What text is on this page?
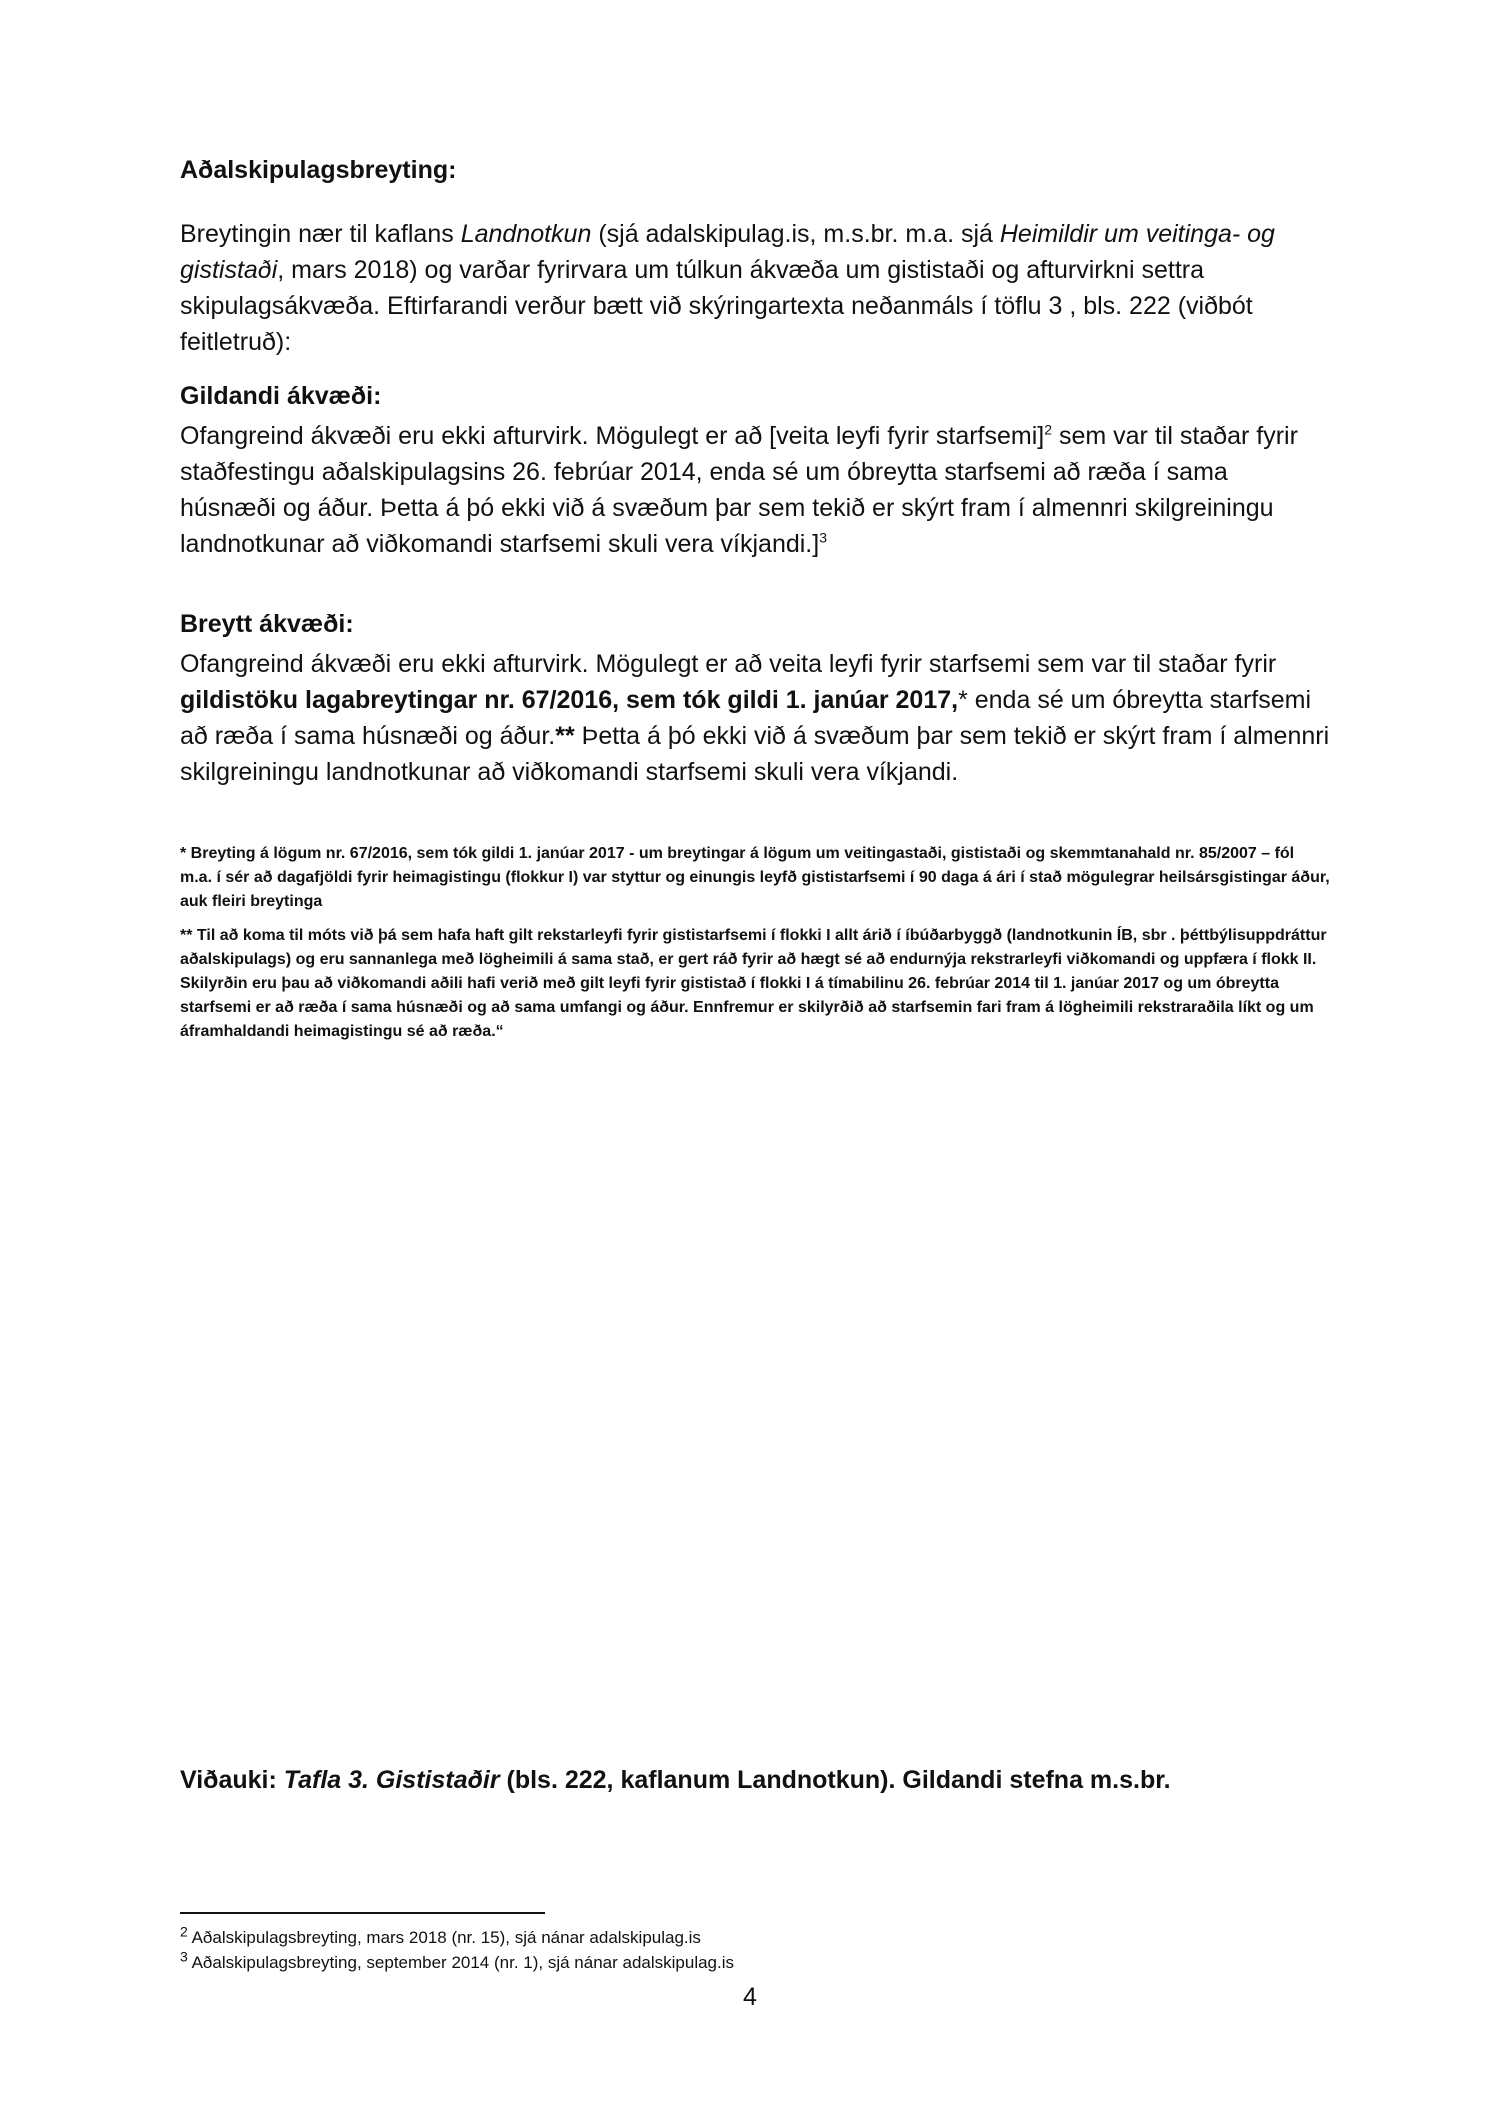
Aðalskipulagsbreyting:

Breytingin nær til kaflans Landnotkun (sjá adalskipulag.is, m.s.br. m.a. sjá Heimildir um veitinga- og gististaði, mars 2018) og varðar fyrirvara um túlkun ákvæða um gististaði og afturvirkni settra skipulagsákvæða. Eftirfarandi verður bætt við skýringartexta neðanmáls í töflu 3 , bls. 222 (viðbót feitletruð):

Gildandi ákvæði:

Ofangreind ákvæði eru ekki afturvirk. Mögulegt er að [veita leyfi fyrir starfsemi]$^2$ sem var til staðar fyrir staðfestingu aðalskipulagsins 26. febrúar 2014, enda sé um óbreytta starfsemi að ræða í sama húsnæði og áður. Þetta á þó ekki við á svæðum þar sem tekið er skýrt fram í almennri skilgreiningu landnotkunar að viðkomandi starfsemi skuli vera víkjandi.]$^3$

Breytt ákvæði:

Ofangreind ákvæði eru ekki afturvirk. Mögulegt er að veita leyfi fyrir starfsemi sem var til staðar fyrir gildistöku lagabreytingar nr. 67/2016, sem tók gildi 1. janúar 2017,* enda sé um óbreytta starfsemi að ræða í sama húsnæði og áður.** Þetta á þó ekki við á svæðum þar sem tekið er skýrt fram í almennri skilgreiningu landnotkunar að viðkomandi starfsemi skuli vera víkjandi.

* Breyting á lögum nr. 67/2016, sem tók gildi 1. janúar 2017 - um breytingar á lögum um veitingastaði, gististaði og skemmtanahald nr. 85/2007 – fól m.a. í sér að dagafjöldi fyrir heimagistingu (flokkur I) var styttur og einungis leyfð gististarfsemi í 90 daga á ári í stað mögulegrar heilsársgistingar áður, auk fleiri breytinga

** Til að koma til móts við þá sem hafa haft gilt rekstarleyfi fyrir gististarfsemi í flokki I allt árið í íbúðarbyggð (landnotkunin ÍB, sbr . þéttbýlisuppdráttur aðalskipulags) og eru sannanlega með lögheimili á sama stað, er gert ráð fyrir að hægt sé að endurnýja rekstrarleyfi viðkomandi og uppfæra í flokk II. Skilyrðin eru þau að viðkomandi aðili hafi verið með gilt leyfi fyrir gististað í flokki I á tímabilinu 26. febrúar 2014 til 1. janúar 2017 og um óbreytta starfsemi er að ræða í sama húsnæði og að sama umfangi og áður. Ennfremur er skilyrðið að starfsemin fari fram á lögheimili rekstraraðila líkt og um áframhaldandi heimagistingu sé að ræða.“

Viðauki: Tafla 3. Gististaðir (bls. 222, kaflanum Landnotkun). Gildandi stefna m.s.br.

$^2$ Aðalskipulagsbreyting, mars 2018 (nr. 15), sjá nánar adalskipulag.is

$^3$ Aðalskipulagsbreyting, september 2014 (nr. 1), sjá nánar adalskipulag.is

4
